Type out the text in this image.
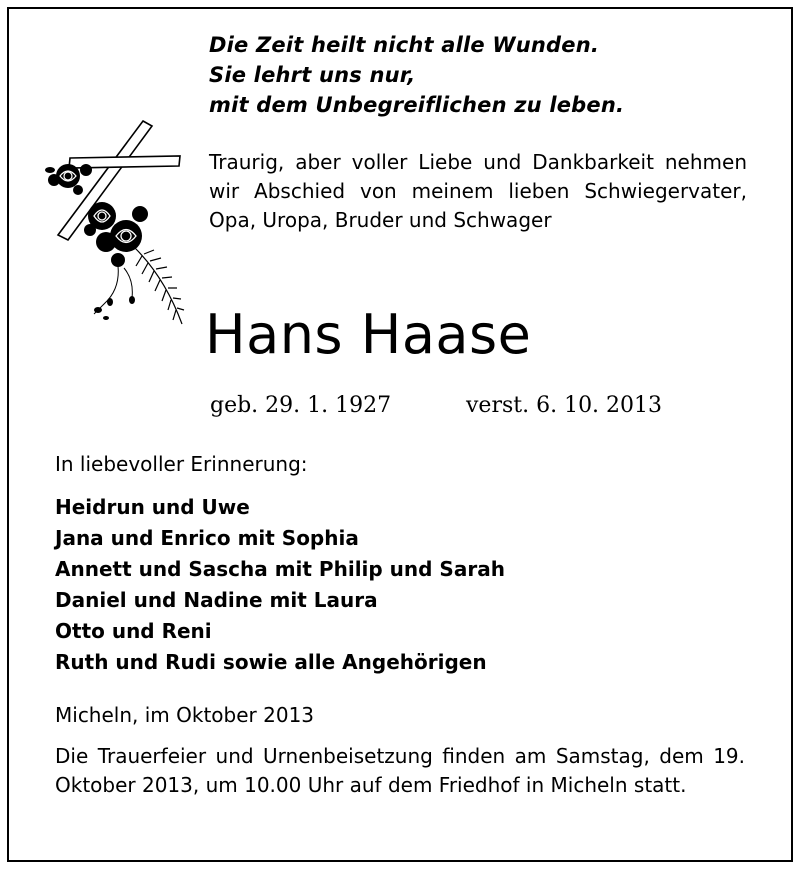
Die Zeit heilt nicht alle Wunden.
Sie lehrt uns nur,
mit dem Unbegreiflichen zu leben.
Traurig, aber voller Liebe und Dankbarkeit nehmen wir Abschied von meinem lieben Schwiegervater, Opa, Uropa, Bruder und Schwager
Hans Haase
geb. 29. 1. 1927	verst. 6. 10. 2013
In liebevoller Erinnerung:
Heidrun und Uwe
Jana und Enrico mit Sophia
Annett und Sascha mit Philip und Sarah
Daniel und Nadine mit Laura
Otto und Reni
Ruth und Rudi sowie alle Angehörigen
Micheln, im Oktober 2013
Die Trauerfeier und Urnenbeisetzung finden am Samstag, dem 19. Oktober 2013, um 10.00 Uhr auf dem Friedhof in Micheln statt.
